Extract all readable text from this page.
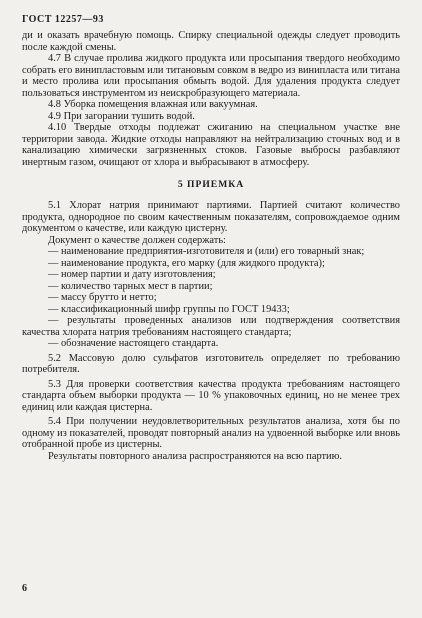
ГОСТ 12257—93

ди и оказать врачебную помощь. Спирку специальной одежды следует проводить после каждой смены.

4.7 В случае пролива жидкого продукта или просыпания твердого необходимо собрать его винипластовым или титановым совком в ведро из винипласта или титана и место пролива или просыпания обмыть водой. Для удаления продукта следует пользоваться инструментом из неискробразующего материала.

4.8 Уборка помещения влажная или вакуумная.

4.9 При загорании тушить водой.

4.10 Твердые отходы подлежат сжиганию на специальном участке вне территории завода. Жидкие отходы направляют на нейтрализацию сточных вод и в канализацию химически загрязненных стоков. Газовые выбросы разбавляют инертным газом, очищают от хлора и выбрасывают в атмосферу.

5 ПРИЕМКА

5.1 Хлорат натрия принимают партиями. Партией считают количество продукта, однородное по своим качественным показателям, сопровождаемое одним документом о качестве, или каждую цистерну.

Документ о качестве должен содержать:

— наименование предприятия-изготовителя и (или) его товарный знак;

— наименование продукта, его марку (для жидкого продукта);

— номер партии и дату изготовления;

— количество тарных мест в партии;

— массу брутто и нетто;

— классификационный шифр группы по ГОСТ 19433;

— результаты проведенных анализов или подтверждения соответствия качества хлората натрия требованиям настоящего стандарта;

— обозначение настоящего стандарта.

5.2 Массовую долю сульфатов изготовитель определяет по требованию потребителя.

5.3 Для проверки соответствия качества продукта требованиям настоящего стандарта объем выборки продукта — 10 % упаковочных единиц, но не менее трех единиц или каждая цистерна.

5.4 При получении неудовлетворительных результатов анализа, хотя бы по одному из показателей, проводят повторный анализ на удвоенной выборке или вновь отобранной пробе из цистерны.

Результаты повторного анализа распространяются на всю партию.

6
